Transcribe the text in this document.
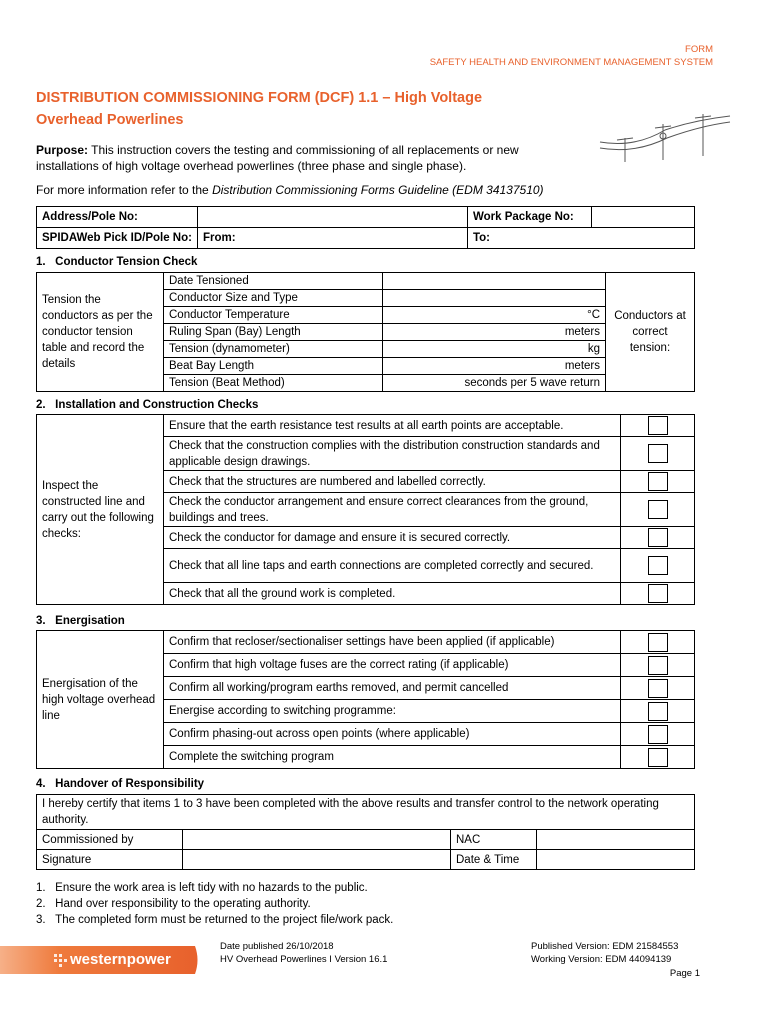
FORM
SAFETY HEALTH AND ENVIRONMENT MANAGEMENT SYSTEM
DISTRIBUTION COMMISSIONING FORM (DCF) 1.1 – High Voltage
Overhead Powerlines
Purpose: This instruction covers the testing and commissioning of all replacements or new
installations of high voltage overhead powerlines (three phase and single phase).
For more information refer to the Distribution Commissioning Forms Guideline (EDM 34137510)
Address/Pole No:		Work Package No:	
SPIDAWeb Pick ID/Pole No:	From:	To:	
1.   Conductor Tension Check
Tension the conductors as per the conductor tension table and record the details	Date Tensioned		Conductors at correct tension:
	Conductor Size and Type		
	Conductor Temperature	°C	
	Ruling Span (Bay) Length	meters	
	Tension (dynamometer)	kg	
	Beat Bay Length	meters	
	Tension (Beat Method)	seconds per 5 wave return	
2.   Installation and Construction Checks
Inspect the constructed line and carry out the following checks:	Ensure that the earth resistance test results at all earth points are acceptable.	
	Check that the construction complies with the distribution construction standards and applicable design drawings.	
	Check that the structures are numbered and labelled correctly.	
	Check the conductor arrangement and ensure correct clearances from the ground, buildings and trees.	
	Check the conductor for damage and ensure it is secured correctly.	
	Check that all line taps and earth connections are completed correctly and secured.	
	Check that all the ground work is completed.	
3.   Energisation
Energisation of the high voltage overhead line	Confirm that recloser/sectionaliser settings have been applied (if applicable)	
	Confirm that high voltage fuses are the correct rating (if applicable)	
	Confirm all working/program earths removed, and permit cancelled	
	Energise according to switching programme:	
	Confirm phasing-out across open points (where applicable)	
	Complete the switching program	
4.   Handover of Responsibility
I hereby certify that items 1 to 3 have been completed with the above results and transfer control to the network operating authority.			
Commissioned by		NAC	
Signature		Date & Time	
1.   Ensure the work area is left tidy with no hazards to the public.
2.   Hand over responsibility to the operating authority.
3.   The completed form must be returned to the project file/work pack.
westernpower
Date published 26/10/2018
HV Overhead Powerlines I Version 16.1
Published Version: EDM 21584553
Working Version: EDM 44094139
Page 1
